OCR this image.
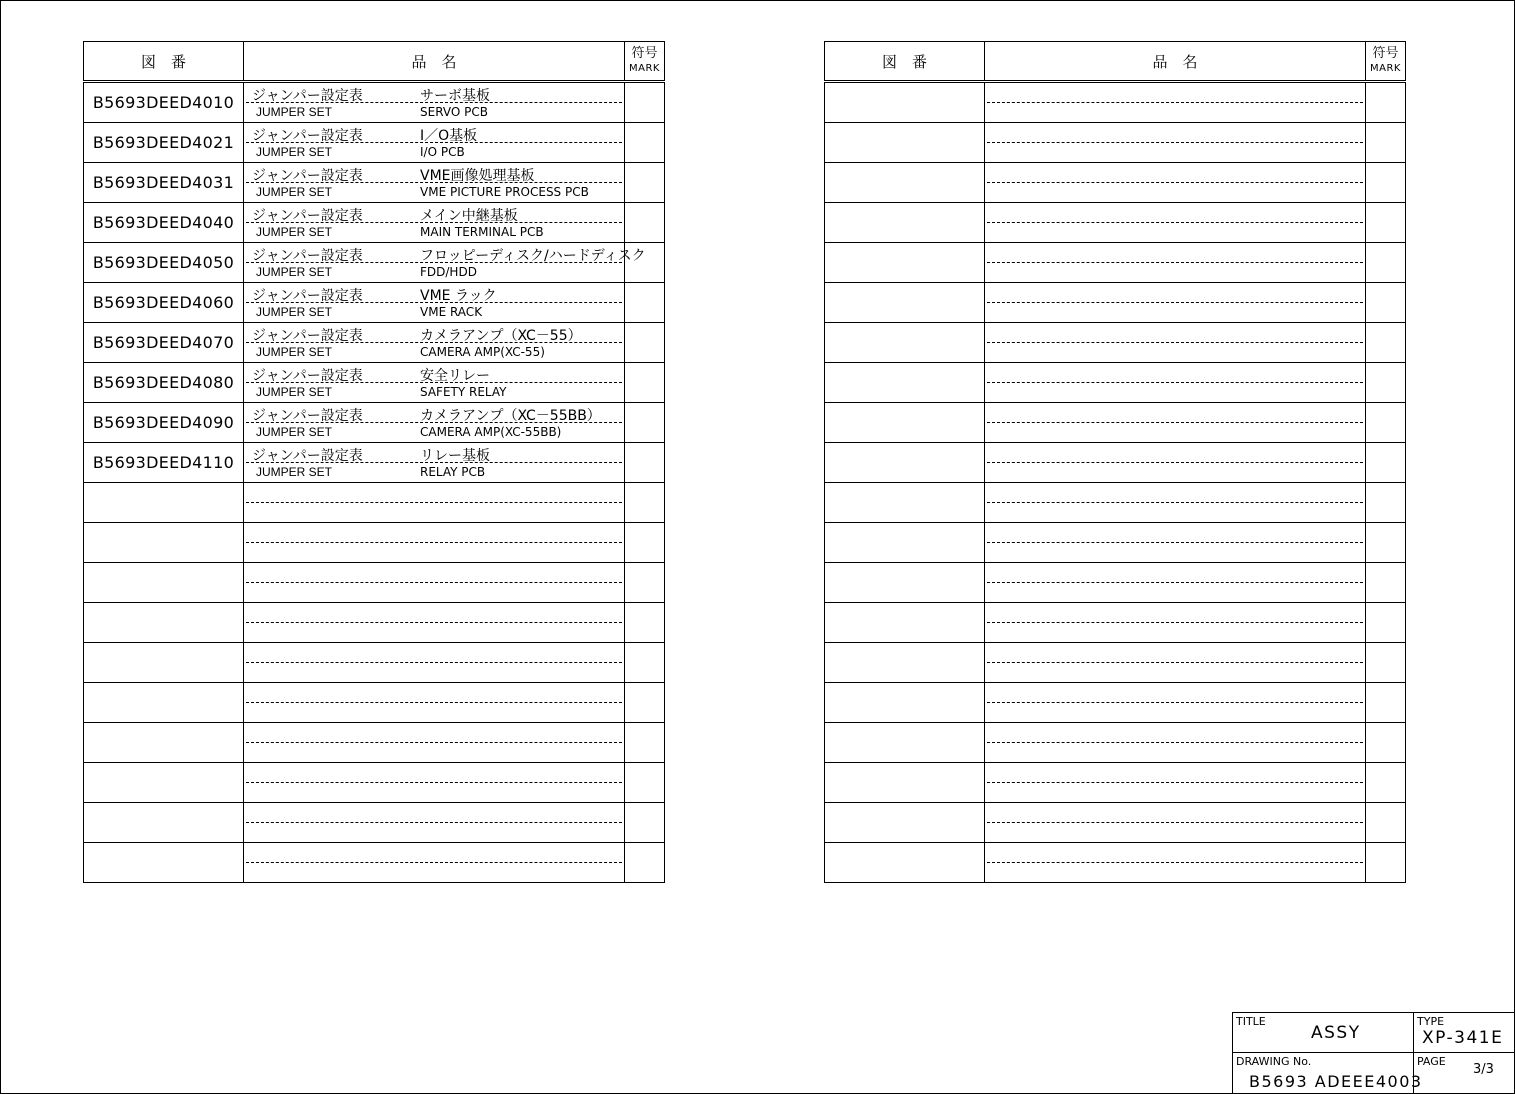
図　番	品　名	符号
MARK
B5693DEED4010	ジャンパー設定表 サーボ基板
JUMPER SET SERVO PCB	

B5693DEED4021	ジャンパー設定表 I／O基板
JUMPER SET I/O PCB	

B5693DEED4031	ジャンパー設定表 VME画像処理基板
JUMPER SET VME PICTURE PROCESS PCB	

B5693DEED4040	ジャンパー設定表 メイン中継基板
JUMPER SET MAIN TERMINAL PCB	

B5693DEED4050	ジャンパー設定表 フロッピーディスク/ハードディスク
JUMPER SET FDD/HDD	

B5693DEED4060	ジャンパー設定表 VME ラック
JUMPER SET VME RACK	

B5693DEED4070	ジャンパー設定表 カメラアンプ（XC－55）
JUMPER SET CAMERA AMP(XC-55)	

B5693DEED4080	ジャンパー設定表 安全リレー
JUMPER SET SAFETY RELAY	

B5693DEED4090	ジャンパー設定表 カメラアンプ（XC－55BB）
JUMPER SET CAMERA AMP(XC-55BB)	

B5693DEED4110	ジャンパー設定表 リレー基板
JUMPER SET RELAY PCB	

図　番	品　名	符号
MARK

TITLE
ASSY
TYPE
XP-341E
DRAWING No.
B5693 ADEEE4003
PAGE
3/3
